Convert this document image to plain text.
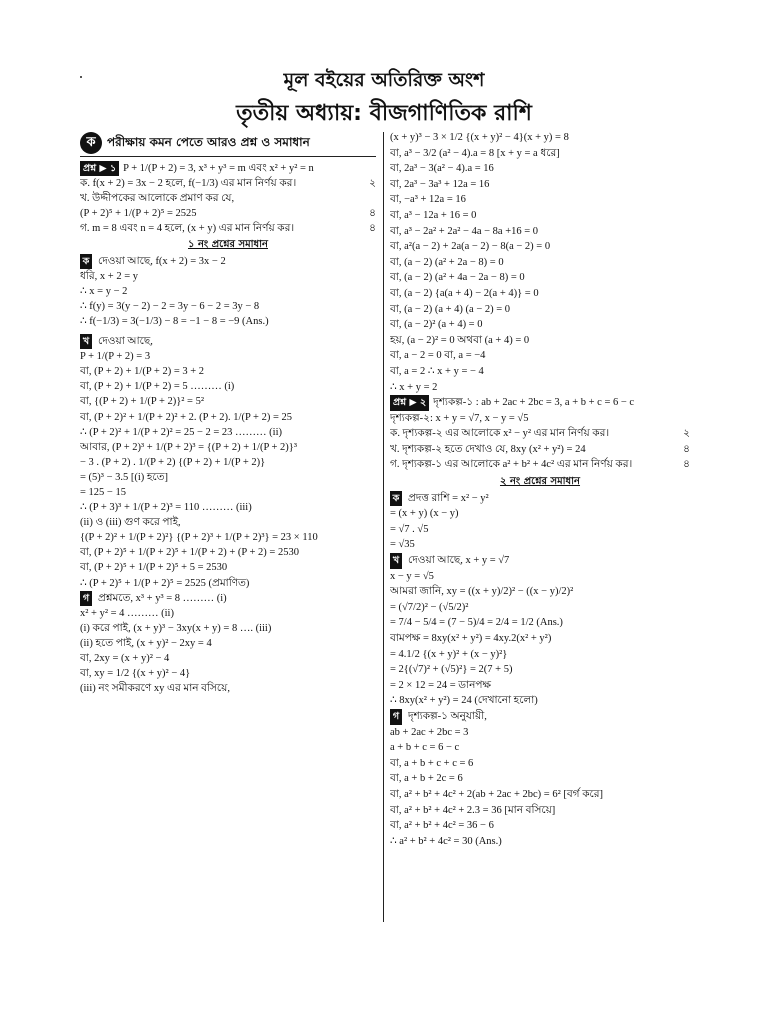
মূল বইয়ের অতিরিক্ত অংশ
তৃতীয় অধ্যায়: বীজগাণিতিক রাশি
ক পরীক্ষায় কমন পেতে আরও প্রশ্ন ও সমাধান
প্রশ্ন ▶ ১ P + 1/(P + 2) = 3, x³ + y³ = m এবং x² + y² = n
ক. f(x + 2) = 3x − 2 হলে, f(−1/3) এর মান নির্ণয় কর।	২
খ. উদ্দীপকের আলোকে প্রমাণ কর যে,
(P + 2)⁵ + 1/(P + 2)⁵ = 2525	৪
গ. m = 8 এবং n = 4 হলে, (x + y) এর মান নির্ণয় কর।	৪
১ নং প্রশ্নের সমাধান
ক দেওয়া আছে, f(x + 2) = 3x − 2
ধরি, x + 2 = y
∴ x = y − 2
∴ f(y) = 3(y − 2) − 2 = 3y − 6 − 2 = 3y − 8
∴ f(−1/3) = 3(−1/3) − 8 = −1 − 8 = −9 (Ans.)
খ দেওয়া আছে,
P + 1/(P + 2) = 3
বা, (P + 2) + 1/(P + 2) = 3 + 2
বা, (P + 2) + 1/(P + 2) = 5 ……… (i)
বা, {(P + 2) + 1/(P + 2)}² = 5²
বা, (P + 2)² + 1/(P + 2)² + 2. (P + 2). 1/(P + 2) = 25
∴ (P + 2)² + 1/(P + 2)² = 25 − 2 = 23 ……… (ii)
আবার, (P + 2)³ + 1/(P + 2)³ = {(P + 2) + 1/(P + 2)}³
− 3 . (P + 2) . 1/(P + 2) {(P + 2) + 1/(P + 2)}
= (5)³ − 3.5 [(i) হতে]
= 125 − 15
∴ (P + 3)³ + 1/(P + 2)³ = 110 ……… (iii)
(ii) ও (iii) গুণ করে পাই,
{(P + 2)² + 1/(P + 2)²} {(P + 2)³ + 1/(P + 2)³} = 23 × 110
বা, (P + 2)⁵ + 1/(P + 2)⁵ + 1/(P + 2) + (P + 2) = 2530
বা, (P + 2)⁵ + 1/(P + 2)⁵ + 5 = 2530
∴ (P + 2)⁵ + 1/(P + 2)⁵ = 2525 (প্রমাণিত)
গ প্রশ্নমতে, x³ + y³ = 8 ……… (i)
x² + y² = 4 ……… (ii)
(i) করে পাই, (x + y)³ − 3xy(x + y) = 8 …. (iii)
(ii) হতে পাই, (x + y)² − 2xy = 4
বা, 2xy = (x + y)² − 4
বা, xy = 1/2 {(x + y)² − 4}
(iii) নং সমীকরণে xy এর মান বসিয়ে,
(x + y)³ − 3 × 1/2 {(x + y)² − 4}(x + y) = 8
বা, a³ − 3/2 (a² − 4).a = 8 [x + y = a ধরে]
বা, 2a³ − 3(a² − 4).a = 16
বা, 2a³ − 3a³ + 12a = 16
বা, −a³ + 12a = 16
বা, a³ − 12a + 16 = 0
বা, a³ − 2a² + 2a² − 4a − 8a +16 = 0
বা, a²(a − 2) + 2a(a − 2) − 8(a − 2) = 0
বা, (a − 2) (a² + 2a − 8) = 0
বা, (a − 2) (a² + 4a − 2a − 8) = 0
বা, (a − 2) {a(a + 4) − 2(a + 4)} = 0
বা, (a − 2) (a + 4) (a − 2) = 0
বা, (a − 2)² (a + 4) = 0
হয়, (a − 2)² = 0 অথবা (a + 4) = 0
বা, a − 2 = 0 বা, a = −4
বা, a = 2 ∴ x + y = − 4
∴ x + y = 2
প্রশ্ন ▶ ২ দৃশ্যকল্প-১ : ab + 2ac + 2bc = 3, a + b + c = 6 − c
দৃশ্যকল্প-২: x + y = √7, x − y = √5
ক. দৃশ্যকল্প-২ এর আলোকে x² − y² এর মান নির্ণয় কর।	২
খ. দৃশ্যকল্প-২ হতে দেখাও যে, 8xy (x² + y²) = 24	৪
গ. দৃশ্যকল্প-১ এর আলোকে a² + b² + 4c² এর মান নির্ণয় কর।	৪
২ নং প্রশ্নের সমাধান
ক প্রদত্ত রাশি = x² − y²
= (x + y) (x − y)
= √7 . √5
= √35
খ দেওয়া আছে, x + y = √7
x − y = √5
আমরা জানি, xy = ((x + y)/2)² − ((x − y)/2)²
= (√7/2)² − (√5/2)²
= 7/4 − 5/4 = (7 − 5)/4 = 2/4 = 1/2 (Ans.)
বামপক্ষ = 8xy(x² + y²) = 4xy.2(x² + y²)
= 4.1/2 {(x + y)² + (x − y)²}
= 2{(√7)² + (√5)²} = 2(7 + 5)
= 2 × 12 = 24 = ডানপক্ষ
∴ 8xy(x² + y²) = 24 (দেখানো হলো)
গ দৃশ্যকল্প-১ অনুযায়ী,
ab + 2ac + 2bc = 3
a + b + c = 6 − c
বা, a + b + c + c = 6
বা, a + b + 2c = 6
বা, a² + b² + 4c² + 2(ab + 2ac + 2bc) = 6² [বর্গ করে]
বা, a² + b² + 4c² + 2.3 = 36 [মান বসিয়ে]
বা, a² + b² + 4c² = 36 − 6
∴ a² + b² + 4c² = 30 (Ans.)
